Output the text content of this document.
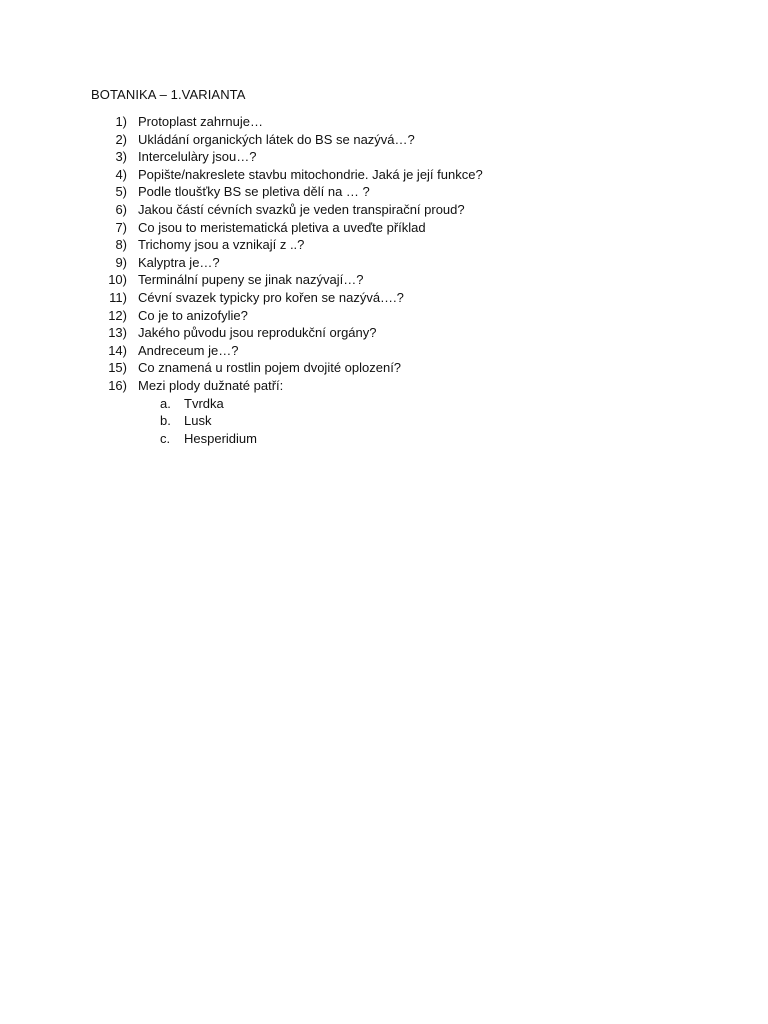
BOTANIKA – 1.VARIANTA
1) Protoplast zahrnuje…
2) Ukládání organických látek do BS se nazývá…?
3) Intercelulàry jsou…?
4) Popište/nakreslete stavbu mitochondrie. Jaká je její funkce?
5) Podle tloušťky BS se pletiva dělí na … ?
6) Jakou částí cévních svazků je veden transpirační proud?
7) Co jsou to meristematická pletiva a uveďte příklad
8) Trichomy jsou a vznikají z ..?
9) Kalyptra je…?
10) Terminální pupeny se jinak nazývají…?
11) Cévní svazek typicky pro kořen se nazývá….?
12) Co je to anizofylie?
13) Jakého původu jsou reprodukční orgány?
14) Andreceum je…?
15) Co znamená u rostlin pojem dvojité oplození?
16) Mezi plody dužnaté patří:
a. Tvrdka
b. Lusk
c. Hesperidium
